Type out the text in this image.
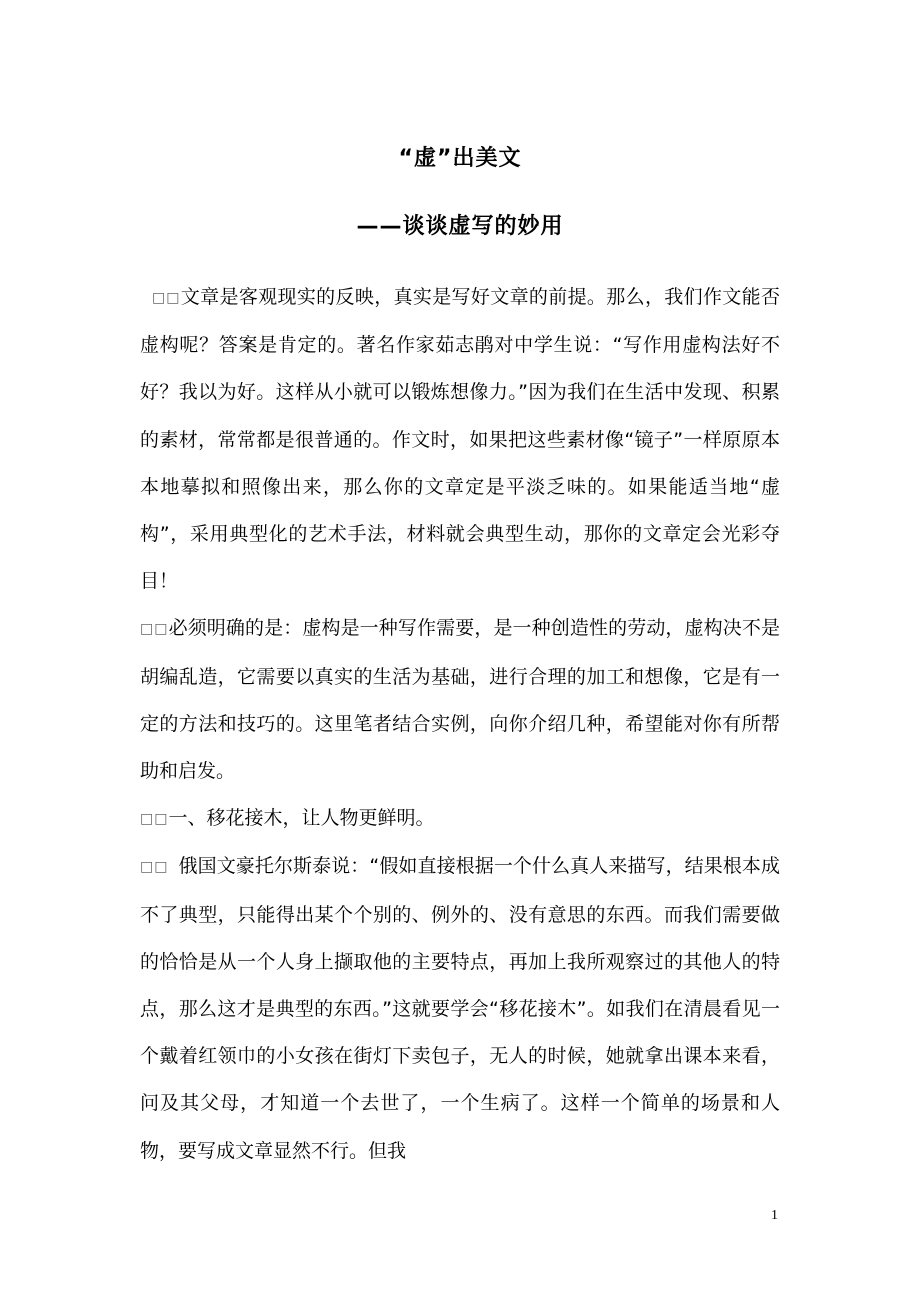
“虚”出美文
——谈谈虚写的妙用

□□文章是客观现实的反映，真实是写好文章的前提。那么，我们作文能否虚构呢？答案是肯定的。著名作家茹志鹃对中学生说：“写作用虚构法好不好？我以为好。这样从小就可以锻炼想像力。”因为我们在生活中发现、积累的素材，常常都是很普通的。作文时，如果把这些素材像“镜子”一样原原本本地摹拟和照像出来，那么你的文章定是平淡乏味的。如果能适当地“虚构”，采用典型化的艺术手法，材料就会典型生动，那你的文章定会光彩夺目！

□□必须明确的是：虚构是一种写作需要，是一种创造性的劳动，虚构决不是胡编乱造，它需要以真实的生活为基础，进行合理的加工和想像，它是有一定的方法和技巧的。这里笔者结合实例，向你介绍几种，希望能对你有所帮助和启发。

□□一、移花接木，让人物更鲜明。

□□ 俄国文豪托尔斯泰说：“假如直接根据一个什么真人来描写，结果根本成不了典型，只能得出某个个别的、例外的、没有意思的东西。而我们需要做的恰恰是从一个人身上撷取他的主要特点，再加上我所观察过的其他人的特点，那么这才是典型的东西。”这就要学会“移花接木”。如我们在清晨看见一个戴着红领巾的小女孩在街灯下卖包子，无人的时候，她就拿出课本来看，问及其父母，才知道一个去世了，一个生病了。这样一个简单的场景和人物，要写成文章显然不行。但我

1
